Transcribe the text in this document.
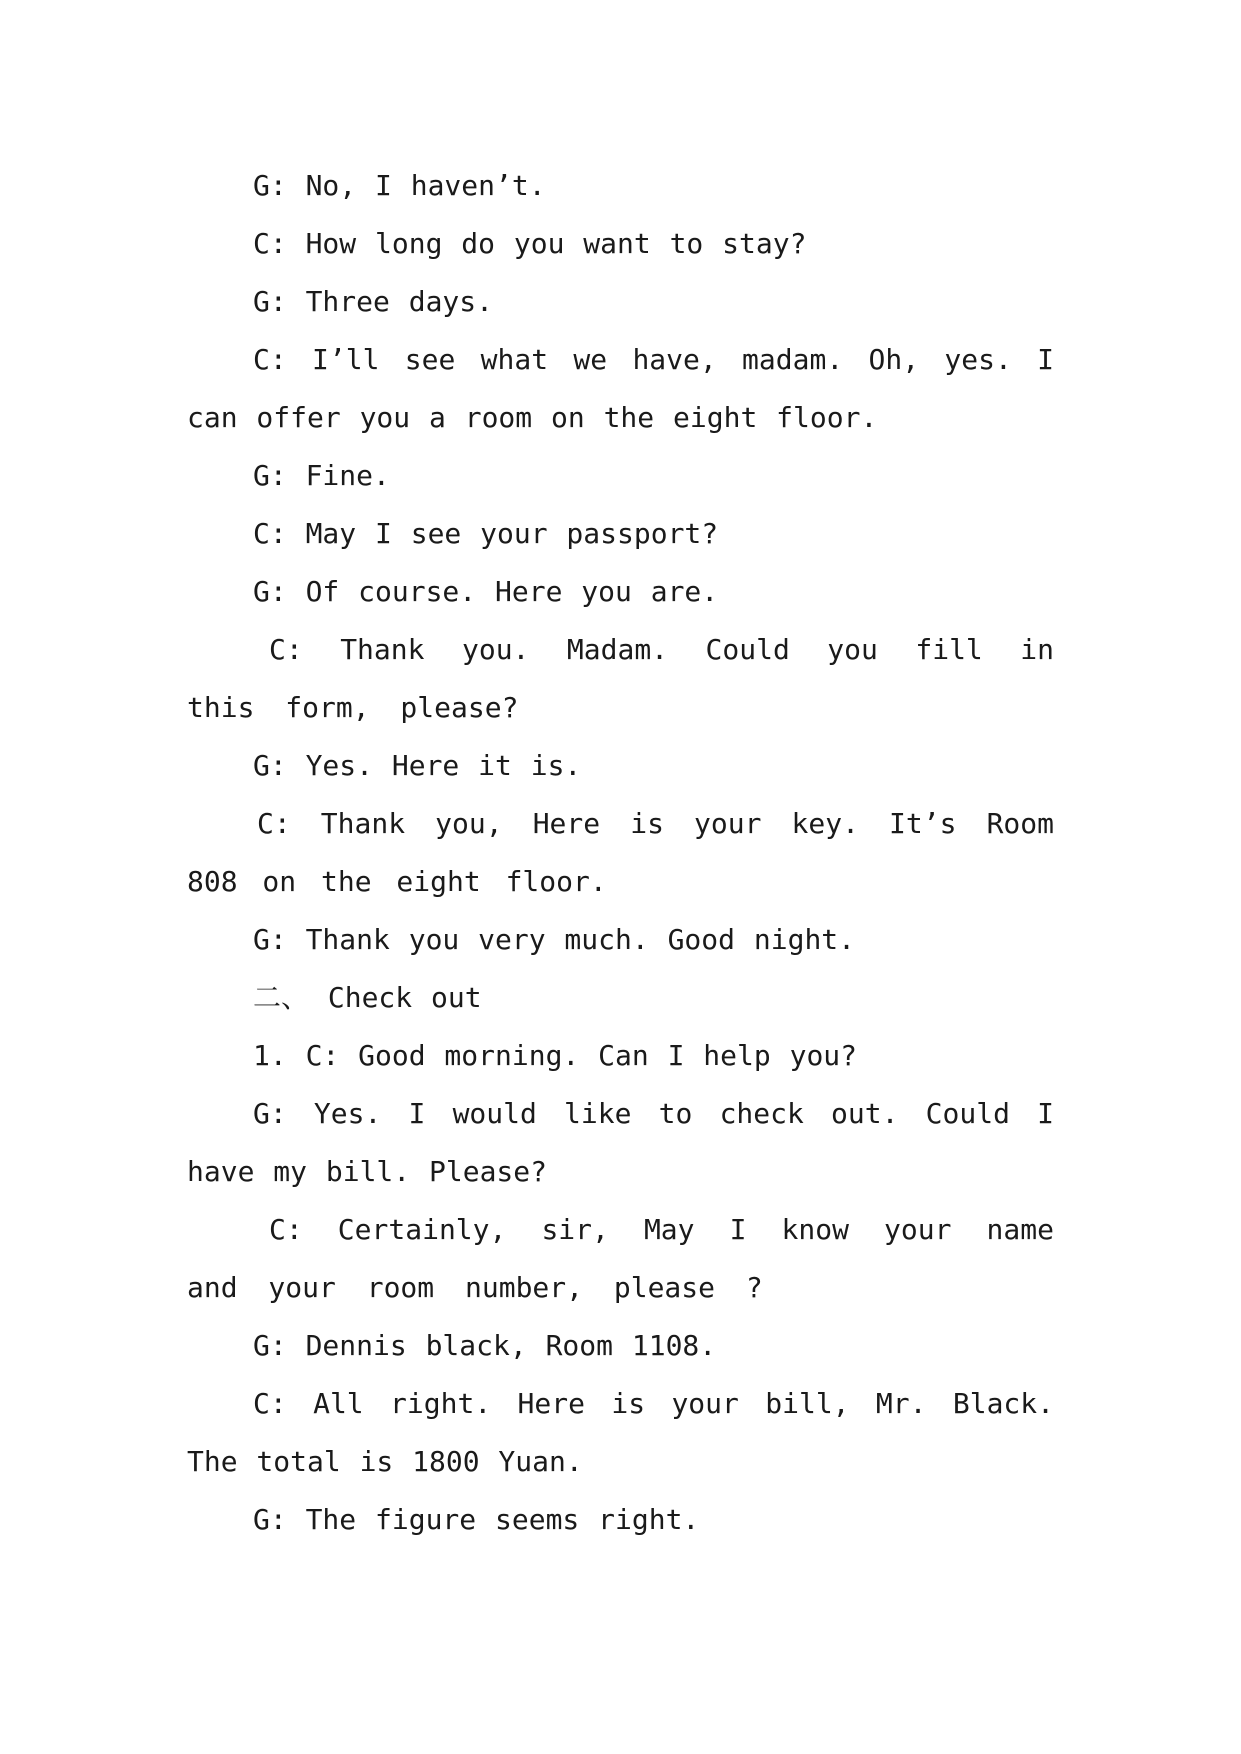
G: No, I haven’t.

C: How long do you want to stay?

G: Three days.

C: I’ll see what we have, madam. Oh, yes. I can offer you a room on the eight floor.

G: Fine.

C: May I see your passport?

G: Of course. Here you are.

C: Thank you. Madam. Could you fill in this form, please?

G: Yes. Here it is.

C: Thank you, Here is your key. It’s Room 808 on the eight floor.

G: Thank you very much. Good night.

二、 Check out

1. C: Good morning. Can I help you?

G: Yes. I would like to check out. Could I have my bill. Please?

C: Certainly, sir, May I know your name and your room number, please ?

G: Dennis black, Room 1108.

C: All right. Here is your bill, Mr. Black. The total is 1800 Yuan.

G: The figure seems right.
